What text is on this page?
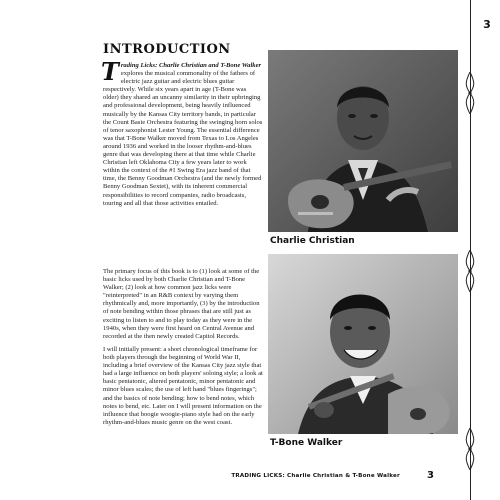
3
INTRODUCTION

Trading Licks: Charlie Christian and T-Bone Walker explores the musical commonality of the fathers of electric jazz guitar and electric blues guitar respectively. While six years apart in age (T-Bone was older) they shared an uncanny similarity in their upbringing and professional development, being heavily influenced musically by the Kansas City territory bands, in particular the Count Basie Orchestra featuring the swinging horn solos of tenor saxophonist Lester Young. The essential difference was that T-Bone Walker moved from Texas to Los Angeles around 1936 and worked in the looser rhythm-and-blues genre that was developing there at that time while Charlie Christian left Oklahoma City a few years later to work within the context of the #1 Swing Era jazz band of that time, the Benny Goodman Orchestra (and the newly formed Benny Goodman Sextet), with its inherent commercial responsibilities to record companies, radio broadcasts, touring and all that those activities entailed.

The primary focus of this book is to (1) look at some of the basic licks used by both Charlie Christian and T-Bone Walker; (2) look at how common jazz licks were "reinterpreted" in an R&B context by varying them rhythmically and, more importantly, (3) by the introduction of note bending within those phrases that are still just as exciting to listen to and to play today as they were in the 1940s, when they were first heard on Central Avenue and recorded at the then newly created Capitol Records.

I will initially present: a short chronological timeframe for both players through the beginning of World War II, including a brief overview of the Kansas City jazz style that had a large influence on both players' soloing style; a look at basic pentatonic, altered pentatonic, minor pentatonic and minor blues scales; the use of left hand "blues fingerings"; and the basics of note bending; how to bend notes, which notes to bend, etc. Later on I will present information on the influence that boogie woogie-piano style had on the early rhythm-and-blues music genre on the west coast.

Charlie Christian
T-Bone Walker
TRADING LICKS: Charlie Christian & T-Bone Walker	3
